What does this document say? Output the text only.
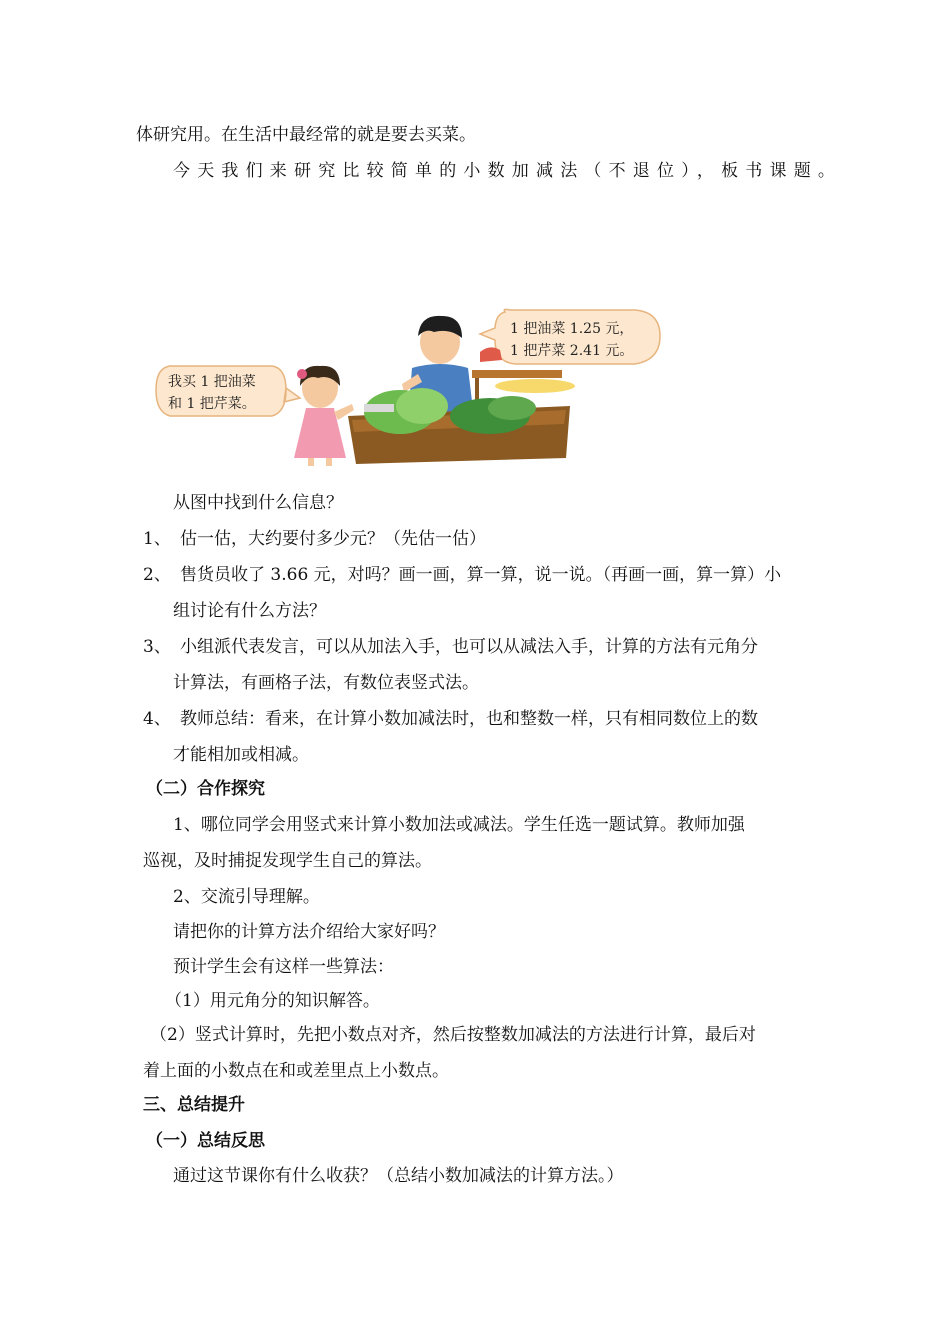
体研究用。在生活中最经常的就是要去买菜。
今天我们来研究比较简单的小数加减法（不退位），板书课题。
1 把油菜 1.25 元，
1 把芹菜 2.41 元。
我买 1 把油菜
和 1 把芹菜。
从图中找到什么信息？
1、 估一估，大约要付多少元？（先估一估）
2、 售货员收了 3.66 元，对吗？画一画，算一算，说一说。（再画一画，算一算）小
组讨论有什么方法？
3、 小组派代表发言，可以从加法入手，也可以从减法入手，计算的方法有元角分
计算法，有画格子法，有数位表竖式法。
4、 教师总结：看来，在计算小数加减法时，也和整数一样，只有相同数位上的数
才能相加或相减。
（二）合作探究
1、哪位同学会用竖式来计算小数加法或减法。学生任选一题试算。教师加强
巡视，及时捕捉发现学生自己的算法。
2、交流引导理解。
请把你的计算方法介绍给大家好吗？
预计学生会有这样一些算法：
（1）用元角分的知识解答。
（2）竖式计算时，先把小数点对齐，然后按整数加减法的方法进行计算，最后对
着上面的小数点在和或差里点上小数点。
三、总结提升
（一）总结反思
通过这节课你有什么收获？（总结小数加减法的计算方法。）
